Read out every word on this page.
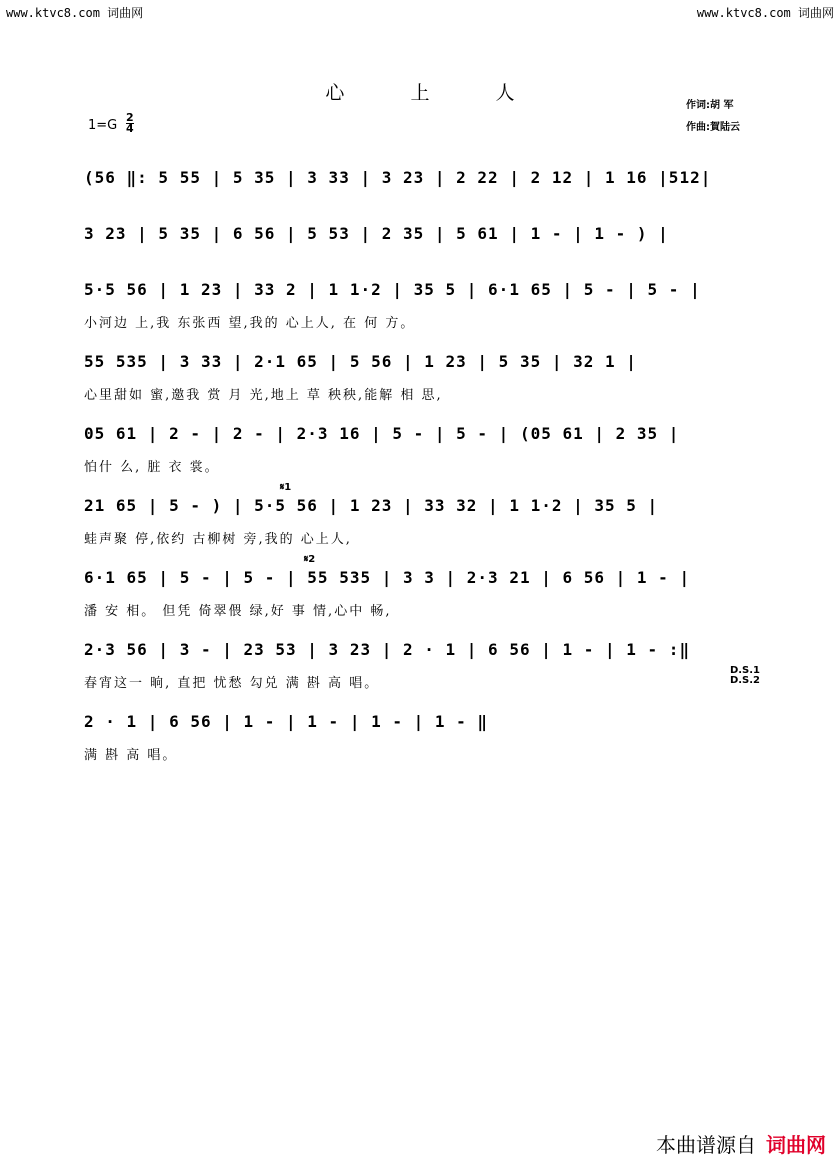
www.ktvc8.com 词曲网	www.ktvc8.com 词曲网
心	上	人
$1=G \frac{2}{4}$
作词:胡 军
作曲:賀陆云
(56 ‖: 5 55 | 5 35 | 3 33 | 3 23 | 2 22 | 2 12 | 1 16 |512|
3 23 | 5 35 | 6 56 | 5 53 | 2 35 | 5 61 | 1 - | 1 - ) |
5·5 56 | 1 23 | 33 2 | 1 1·2 | 35 5 | 6·1 65 | 5 - | 5 - |
小河边 上,我 东张西 望,我的 心上人, 在 何 方。
55 535 | 3 33 | 2·1 65 | 5 56 | 1 23 | 5 35 | 32 1 |
心里甜如 蜜,邀我 赏 月 光,地上 草 秧秧,能解 相 思,
05 61 | 2 - | 2 - | 2·3 16 | 5 - | 5 - | (05 61 | 2 35 |
怕什 么, 脏 衣 裳。
𝄋1
21 65 | 5 - ) | 5·5 56 | 1 23 | 33 32 | 1 1·2 | 35 5 |
蛙声聚 停,依约 古柳树 旁,我的 心上人,
𝄋2
6·1 65 | 5 - | 5 - | 55 535 | 3 3 | 2·3 21 | 6 56 | 1 - |
潘 安 相。 但凭 倚翠偎 绿,好 事 情,心中 畅,
2·3 56 | 3 - | 23 53 | 3 23 | 2 · 1 | 6 56 | 1 - | 1 - :‖
春宵这一 晌, 直把 忧愁 勾兑 满 斟 高 唱。
D.S.1
D.S.2
2 · 1 | 6 56 | 1 - | 1 - | 1 - | 1 - ‖
满 斟 高 唱。
本曲谱源自 词曲网
